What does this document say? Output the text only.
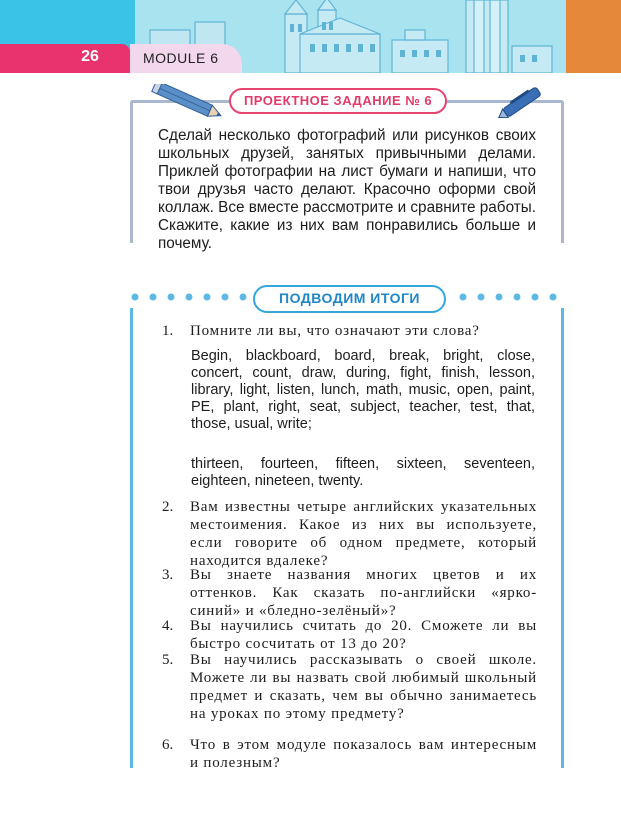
26	MODULE 6
ПРОЕКТНОЕ ЗАДАНИЕ № 6

Сделай несколько фотографий или рисунков своих школьных друзей, занятых привычными делами. Приклей фотографии на лист бумаги и напиши, что твои друзья часто делают. Красочно оформи свой коллаж. Все вместе рассмотрите и сравните работы. Скажите, какие из них вам понравились больше и почему.

ПОДВОДИМ ИТОГИ
1. Помните ли вы, что означают эти слова?
Begin, blackboard, board, break, bright, close, concert, count, draw, during, fight, finish, lesson, library, light, listen, lunch, math, music, open, paint, PE, plant, right, seat, subject, teacher, test, that, those, usual, write;
thirteen, fourteen, fifteen, sixteen, seventeen, eighteen, nineteen, twenty.
2. Вам известны четыре английских указательных местоимения. Какое из них вы используете, если говорите об одном предмете, который находится вдалеке?
3. Вы знаете названия многих цветов и их оттенков. Как сказать по-английски «ярко-синий» и «бледно-зелёный»?
4. Вы научились считать до 20. Сможете ли вы быстро сосчитать от 13 до 20?
5. Вы научились рассказывать о своей школе. Можете ли вы назвать свой любимый школьный предмет и сказать, чем вы обычно занимаетесь на уроках по этому предмету?
6. Что в этом модуле показалось вам интересным и полезным?
